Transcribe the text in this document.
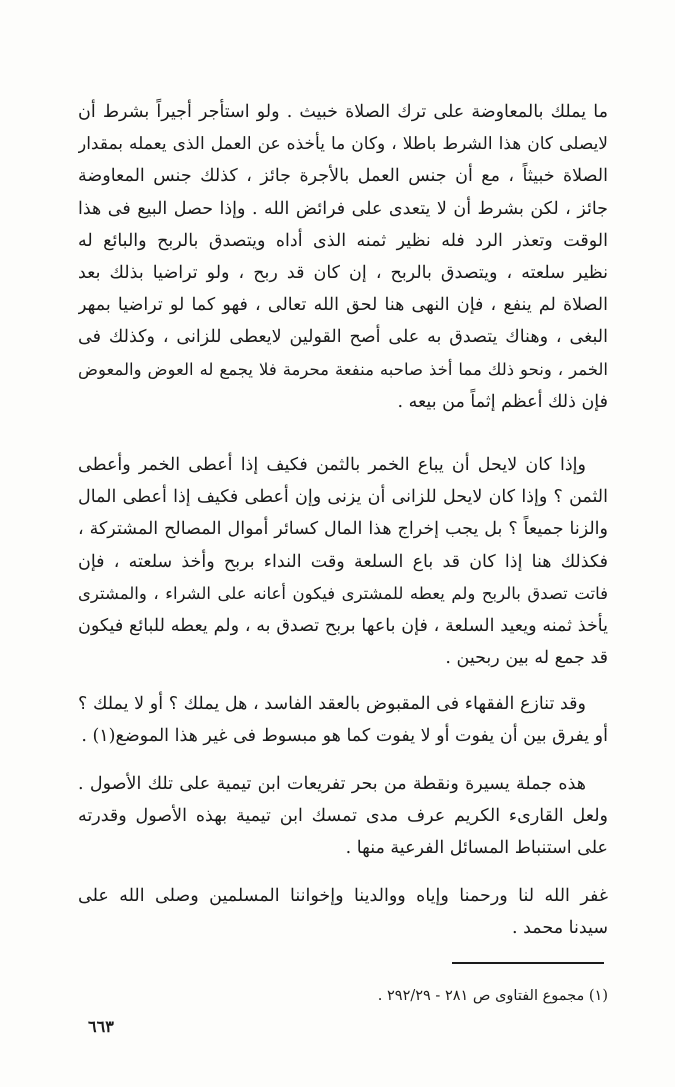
ما يملك بالمعاوضة على ترك الصلاة خبيث . ولو استأجر أجيراً بشرط أن
لايصلى كان هذا الشرط باطلا ، وكان ما يأخذه عن العمل الذى يعمله بمقدار
الصلاة خبيثاً ، مع أن جنس العمل بالأجرة جائز ، كذلك جنس المعاوضة
جائز ، لكن بشرط أن لا يتعدى على فرائض الله . وإذا حصل البيع فى هذا
الوقت وتعذر الرد فله نظير ثمنه الذى أداه ويتصدق بالربح والبائع له
نظير سلعته ، ويتصدق بالربح ، إن كان قد ربح ، ولو تراضيا بذلك بعد
الصلاة لم ينفع ، فإن النهى هنا لحق الله تعالى ، فهو كما لو تراضيا بمهر
البغى ، وهناك يتصدق به على أصح القولين لايعطى للزانى ، وكذلك فى
الخمر ، ونحو ذلك مما أخذ صاحبه منفعة محرمة فلا يجمع له العوض والمعوض
فإن ذلك أعظم إثماً من بيعه .
وإذا كان لايحل أن يباع الخمر بالثمن فكيف إذا أعطى الخمر وأعطى
الثمن ؟ وإذا كان لايحل للزانى أن يزنى وإن أعطى فكيف إذا أعطى المال
والزنا جميعاً ؟ بل يجب إخراج هذا المال كسائر أموال المصالح المشتركة ،
فكذلك هنا إذا كان قد باع السلعة وقت النداء بربح وأخذ سلعته ، فإن
فاتت تصدق بالربح ولم يعطه للمشترى فيكون أعانه على الشراء ، والمشترى
يأخذ ثمنه ويعيد السلعة ، فإن باعها بربح تصدق به ، ولم يعطه للبائع فيكون
قد جمع له بين ربحين .
وقد تنازع الفقهاء فى المقبوض بالعقد الفاسد ، هل يملك ؟ أو لا يملك ؟
أو يفرق بين أن يفوت أو لا يفوت كما هو مبسوط فى غير هذا الموضع(١) .
هذه جملة يسيرة ونقطة من بحر تفريعات ابن تيمية على تلك الأصول .
ولعل القارىء الكريم عرف مدى تمسك ابن تيمية بهذه الأصول وقدرته
على استنباط المسائل الفرعية منها .
غفر الله لنا ورحمنا وإياه ووالدينا وإخواننا المسلمين وصلى الله على
سيدنا محمد .
(١) مجموع الفتاوى ص ٢٨١ - ٢٩٢/٢٩ .
٦٦٣
